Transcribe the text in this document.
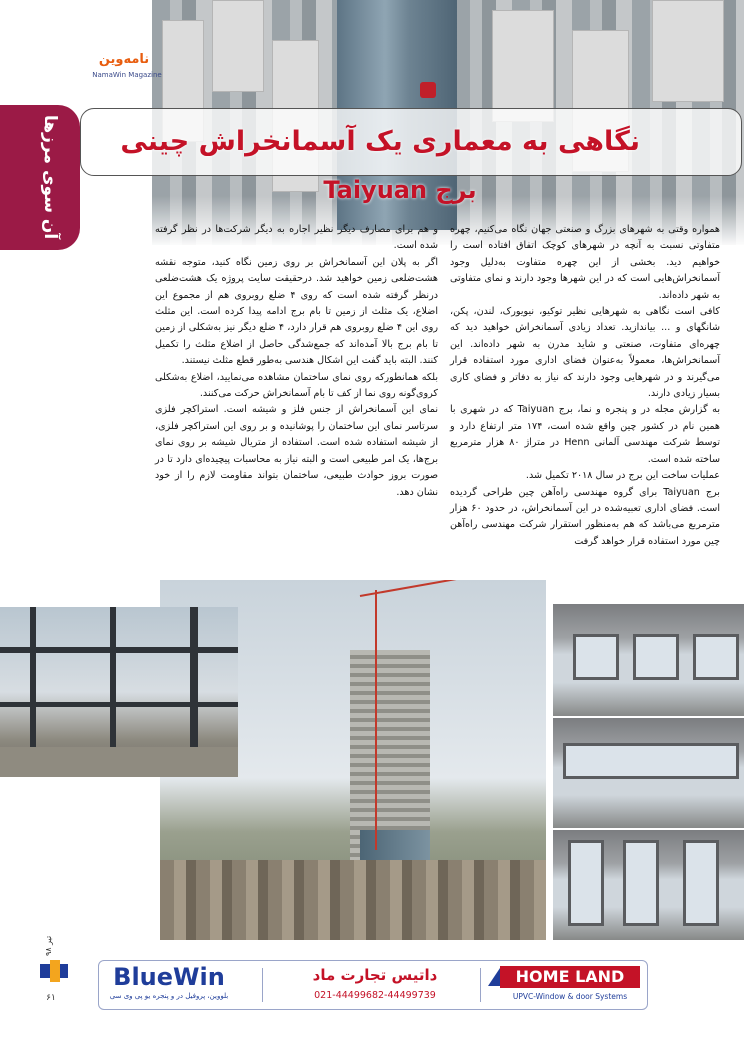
نامه‌وین
NamaWin Magazine
آن سوی مرزها	نگاهی به معماری یک آسمانخراش چینی
برج Taiyuan

همواره وقتی به شهرهای بزرگ و صنعتی جهان نگاه می‌کنیم، چهره متفاوتی نسبت به آنچه در شهرهای کوچک اتفاق افتاده است را خواهیم دید. بخشی از این چهره متفاوت به‌دلیل وجود آسمانخراش‌هایی است که در این شهرها وجود دارند و نمای متفاوتی به شهر داده‌اند.

کافی است نگاهی به شهرهایی نظیر توکیو، نیویورک، لندن، پکن، شانگهای و ... بیاندازید. تعداد زیادی آسمانخراش خواهید دید که چهره‌ای متفاوت، صنعتی و شاید مدرن به شهر داده‌اند. این آسمانخراش‌ها، معمولاً به‌عنوان فضای اداری مورد استفاده قرار می‌گیرند و در شهرهایی وجود دارند که نیاز به دفاتر و فضای کاری بسیار زیادی دارند.

به گزارش مجله در و پنجره و نما، برج Taiyuan که در شهری با همین نام در کشور چین واقع شده است، ۱۷۴ متر ارتفاع دارد و توسط شرکت مهندسی آلمانی Henn در متراژ ۸۰ هزار مترمربع ساخته شده است.

عملیات ساخت این برج در سال ۲۰۱۸ تکمیل شد.

برج Taiyuan برای گروه مهندسی راه‌آهن چین طراحی گردیده است. فضای اداری تعبیه‌شده در این آسمانخراش، در حدود ۶۰ هزار مترمربع می‌باشد که هم به‌منظور استقرار شرکت مهندسی راه‌آهن چین مورد استفاده قرار خواهد گرفت

و هم برای مصارف دیگر نظیر اجاره به دیگر شرکت‌ها در نظر گرفته شده است.

اگر به پلان این آسمانخراش بر روی زمین نگاه کنید، متوجه نقشه هشت‌ضلعی زمین خواهید شد. درحقیقت سایت پروژه یک هشت‌ضلعی درنظر گرفته شده است که روی ۴ ضلع روبروی هم از مجموع این اضلاع، یک مثلث از زمین تا بام برج ادامه پیدا کرده است. این مثلث روی این ۴ ضلع روبروی هم قرار دارد، ۴ ضلع دیگر نیز به‌شکلی از زمین تا بام برج بالا آمده‌اند که جمع‌شدگی حاصل از اضلاع مثلث را تکمیل کنند. البته باید گفت این اشکال هندسی به‌طور قطع مثلث نیستند.

بلکه همانطورکه روی نمای ساختمان مشاهده می‌نمایید، اضلاع به‌شکلی کروی‌گونه روی نما از کف تا بام آسمانخراش حرکت می‌کنند.

نمای این آسمانخراش از جنس فلز و شیشه است. استراکچر فلزی سرتاسر نمای این ساختمان را پوشانیده و بر روی این استراکچر فلزی، از شیشه استفاده شده است. استفاده از متریال شیشه بر روی نمای برج‌ها، یک امر طبیعی است و البته نیاز به محاسبات پیچیده‌ای دارد تا در صورت بروز حوادث طبیعی، ساختمان بتواند مقاومت لازم را از خود نشان دهد.

BlueWin
بلووین، پروفیل در و پنجره یو پی وی سی
داتیس تجارت ماد
021-44499682-44499739
HOME LAND
UPVC-Window & door Systems
تیر ۹۸
۶۱
